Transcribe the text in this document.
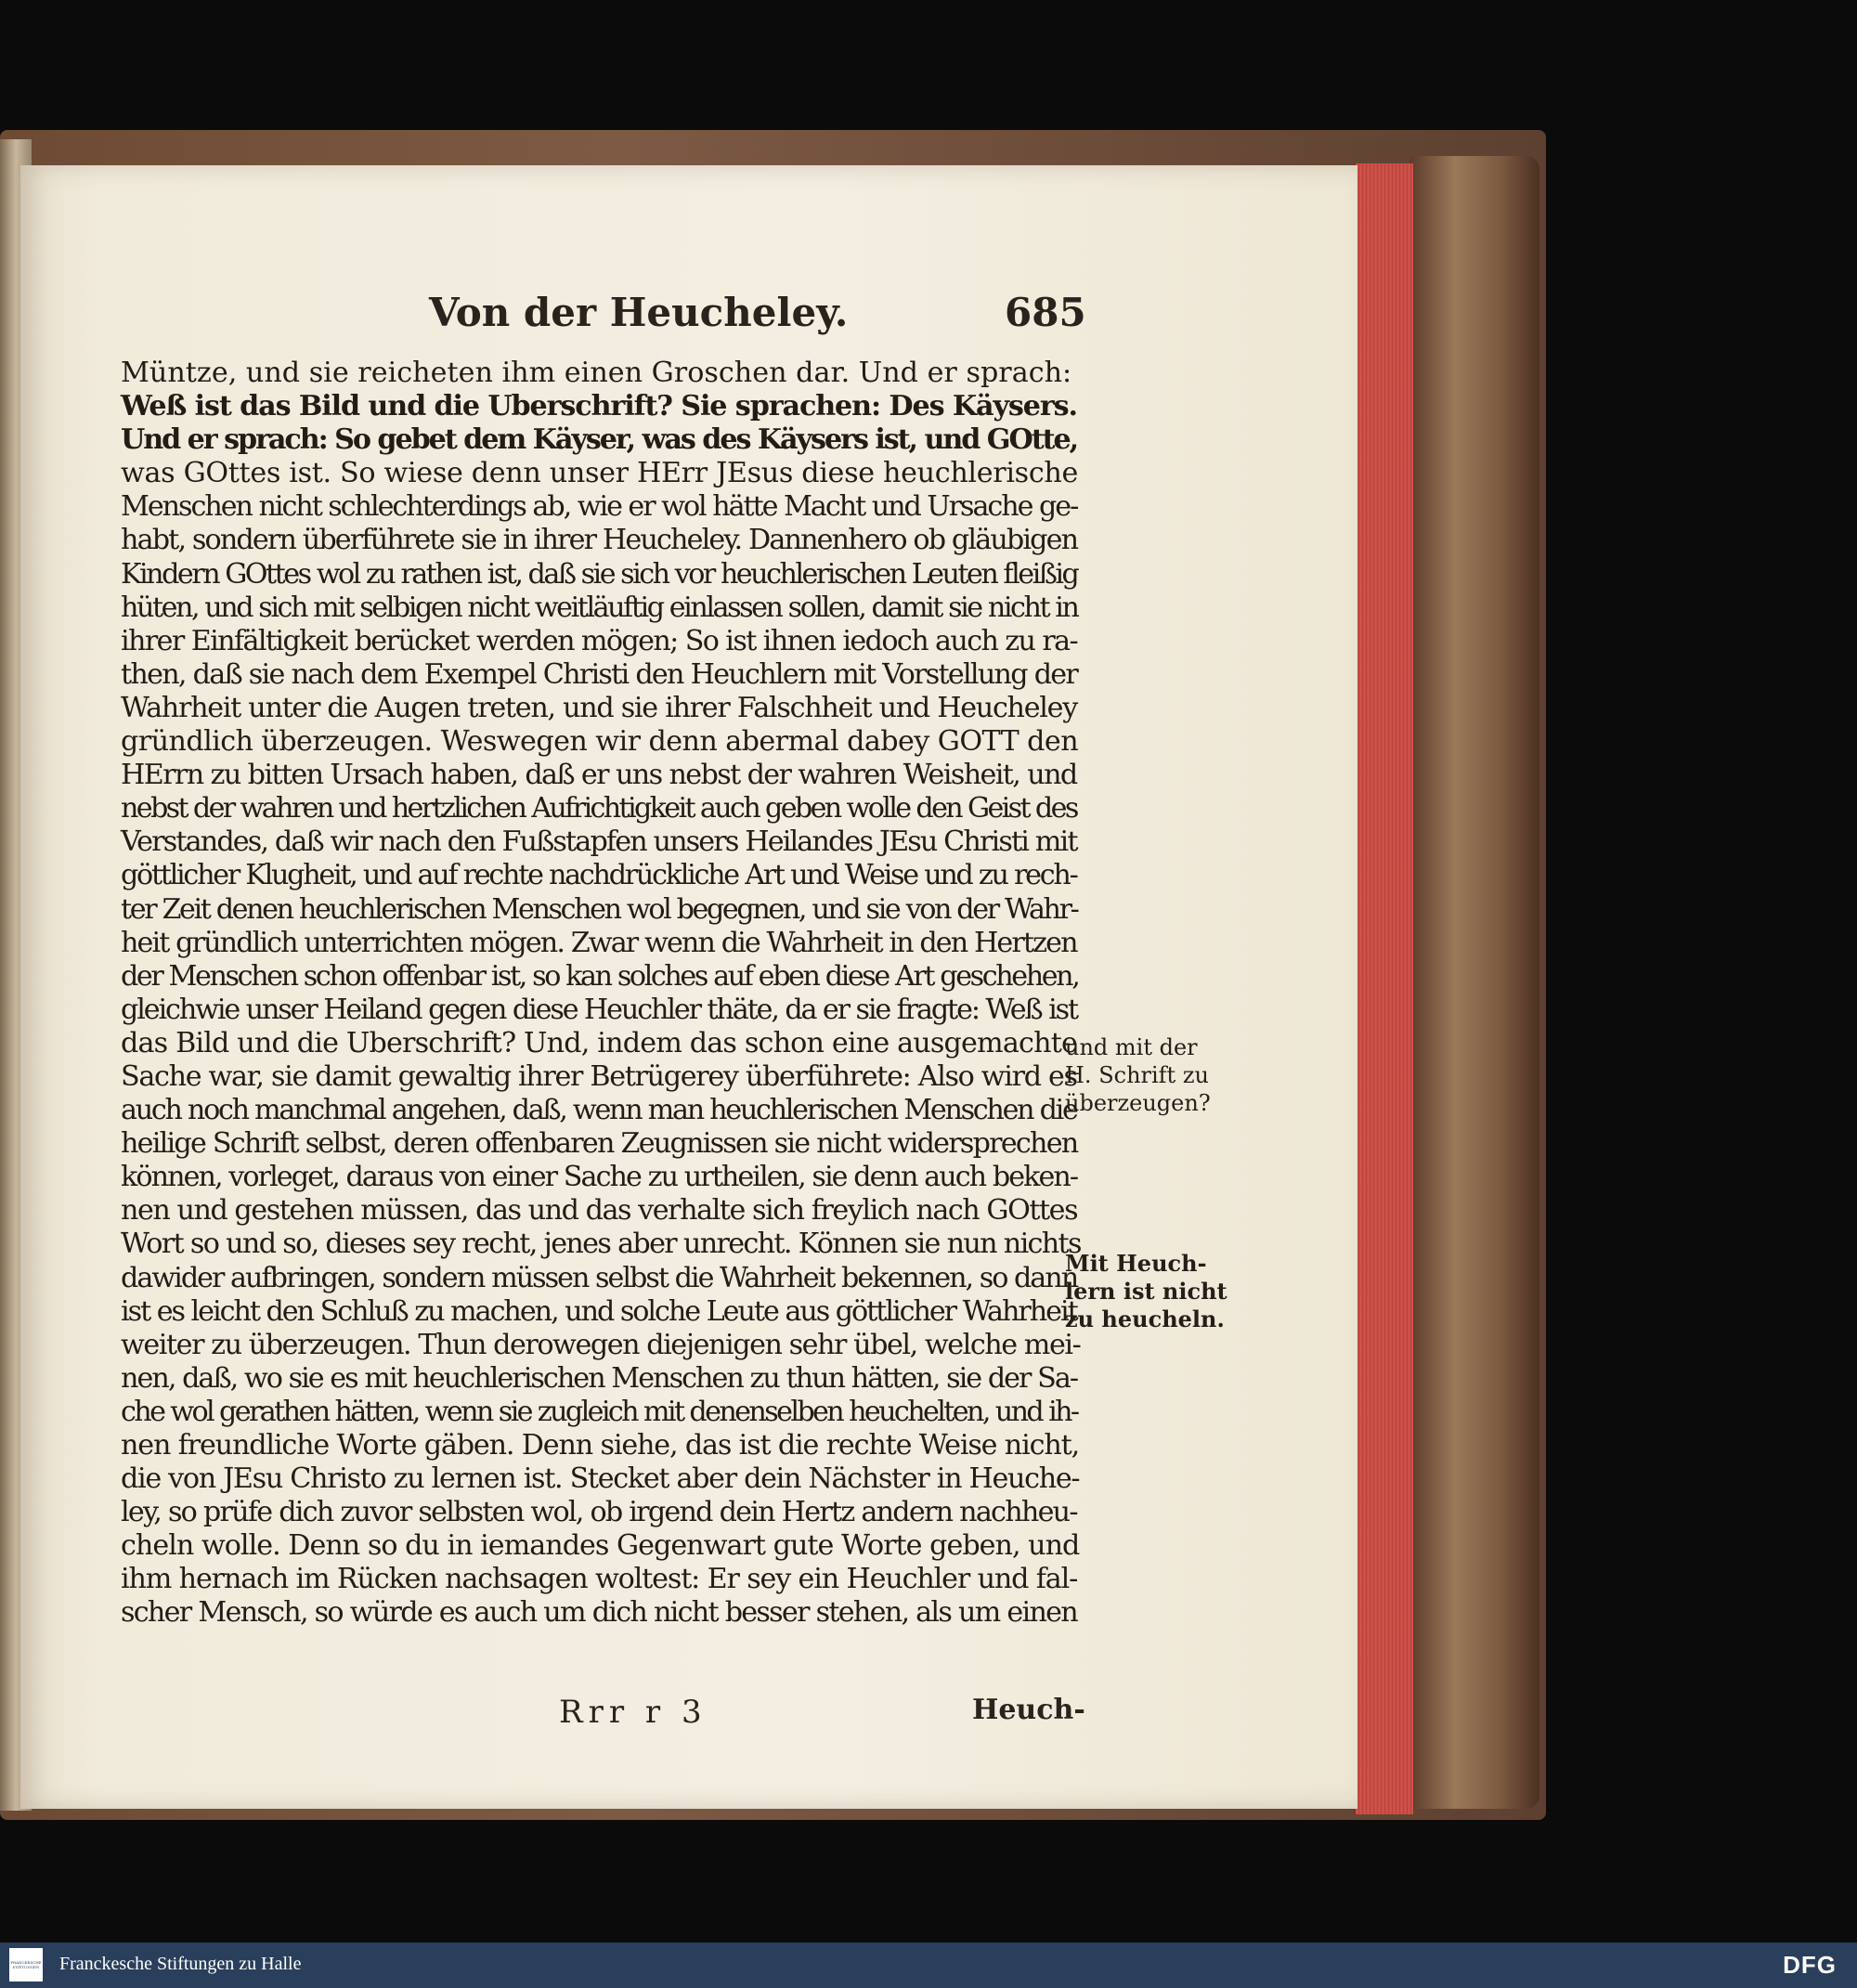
Von der Heucheley.	685
Müntze, und sie reicheten ihm einen Groschen dar. Und er sprach:
Weß ist das Bild und die Uberschrift? Sie sprachen: Des Käysers.
Und er sprach: So gebet dem Käyser, was des Käysers ist, und GOtte,
was GOttes ist. So wiese denn unser HErr JEsus diese heuchlerische
Menschen nicht schlechterdings ab, wie er wol hätte Macht und Ursache ge-
habt, sondern überführete sie in ihrer Heucheley. Dannenhero ob gläubigen
Kindern GOttes wol zu rathen ist, daß sie sich vor heuchlerischen Leuten fleißig
hüten, und sich mit selbigen nicht weitläuftig einlassen sollen, damit sie nicht in
ihrer Einfältigkeit berücket werden mögen; So ist ihnen iedoch auch zu ra-
then, daß sie nach dem Exempel Christi den Heuchlern mit Vorstellung der
Wahrheit unter die Augen treten, und sie ihrer Falschheit und Heucheley
gründlich überzeugen. Weswegen wir denn abermal dabey GOTT den
HErrn zu bitten Ursach haben, daß er uns nebst der wahren Weisheit, und
nebst der wahren und hertzlichen Aufrichtigkeit auch geben wolle den Geist des
Verstandes, daß wir nach den Fußstapfen unsers Heilandes JEsu Christi mit
göttlicher Klugheit, und auf rechte nachdrückliche Art und Weise und zu rech-
ter Zeit denen heuchlerischen Menschen wol begegnen, und sie von der Wahr-
heit gründlich unterrichten mögen. Zwar wenn die Wahrheit in den Hertzen
der Menschen schon offenbar ist, so kan solches auf eben diese Art geschehen,
gleichwie unser Heiland gegen diese Heuchler thäte, da er sie fragte: Weß ist
das Bild und die Uberschrift? Und, indem das schon eine ausgemachte
Sache war, sie damit gewaltig ihrer Betrügerey überführete: Also wird es
auch noch manchmal angehen, daß, wenn man heuchlerischen Menschen die
heilige Schrift selbst, deren offenbaren Zeugnissen sie nicht widersprechen
können, vorleget, daraus von einer Sache zu urtheilen, sie denn auch beken-
nen und gestehen müssen, das und das verhalte sich freylich nach GOttes
Wort so und so, dieses sey recht, jenes aber unrecht. Können sie nun nichts
dawider aufbringen, sondern müssen selbst die Wahrheit bekennen, so dann
ist es leicht den Schluß zu machen, und solche Leute aus göttlicher Wahrheit
weiter zu überzeugen. Thun derowegen diejenigen sehr übel, welche mei-
nen, daß, wo sie es mit heuchlerischen Menschen zu thun hätten, sie der Sa-
che wol gerathen hätten, wenn sie zugleich mit denenselben heuchelten, und ih-
nen freundliche Worte gäben. Denn siehe, das ist die rechte Weise nicht,
die von JEsu Christo zu lernen ist. Stecket aber dein Nächster in Heuche-
ley, so prüfe dich zuvor selbsten wol, ob irgend dein Hertz andern nachheu-
cheln wolle. Denn so du in iemandes Gegenwart gute Worte geben, und
ihm hernach im Rücken nachsagen woltest: Er sey ein Heuchler und fal-
scher Mensch, so würde es auch um dich nicht besser stehen, als um einen
und mit der
H. Schrift zu
überzeugen?
Mit Heuch-
lern ist nicht
zu heucheln.
Rrr r 3	Heuch-
FRANCKESCHE STIFTUNGEN Franckesche Stiftungen zu Halle	DFG
